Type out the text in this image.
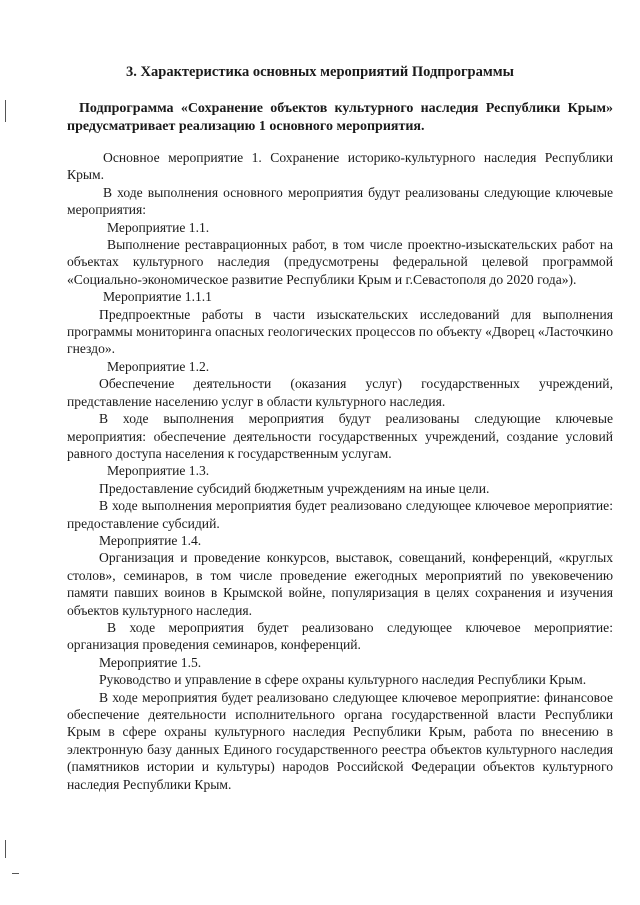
3. Характеристика основных мероприятий Подпрограммы

Подпрограмма «Сохранение объектов культурного наследия Республики Крым» предусматривает реализацию 1 основного мероприятия.

Основное мероприятие 1. Сохранение историко-культурного наследия Республики Крым.

В ходе выполнения основного мероприятия будут реализованы следующие ключевые мероприятия:

Мероприятие 1.1.

Выполнение реставрационных работ, в том числе проектно-изыскательских работ на объектах культурного наследия (предусмотрены федеральной целевой программой «Социально-экономическое развитие Республики Крым и г.Севастополя до 2020 года»).

Мероприятие 1.1.1

Предпроектные работы в части изыскательских исследований для выполнения программы мониторинга опасных геологических процессов по объекту «Дворец «Ласточкино гнездо».

Мероприятие 1.2.

Обеспечение деятельности (оказания услуг) государственных учреждений, представление населению услуг в области культурного наследия.

В ходе выполнения мероприятия будут реализованы следующие ключевые мероприятия: обеспечение деятельности государственных учреждений, создание условий равного доступа населения к государственным услугам.

Мероприятие 1.3.

Предоставление субсидий бюджетным учреждениям на иные цели.

В ходе выполнения мероприятия будет реализовано следующее ключевое мероприятие: предоставление субсидий.

Мероприятие 1.4.

Организация и проведение конкурсов, выставок, совещаний, конференций, «круглых столов», семинаров, в том числе проведение ежегодных мероприятий по увековечению памяти павших воинов в Крымской войне, популяризация в целях сохранения и изучения объектов культурного наследия.

В ходе мероприятия будет реализовано следующее ключевое мероприятие: организация проведения семинаров, конференций.

Мероприятие 1.5.

Руководство и управление в сфере охраны культурного наследия Республики Крым.

В ходе мероприятия будет реализовано следующее ключевое мероприятие: финансовое обеспечение деятельности исполнительного органа государственной власти Республики Крым в сфере охраны культурного наследия Республики Крым, работа по внесению в электронную базу данных Единого государственного реестра объектов культурного наследия (памятников истории и культуры) народов Российской Федерации объектов культурного наследия Республики Крым.
